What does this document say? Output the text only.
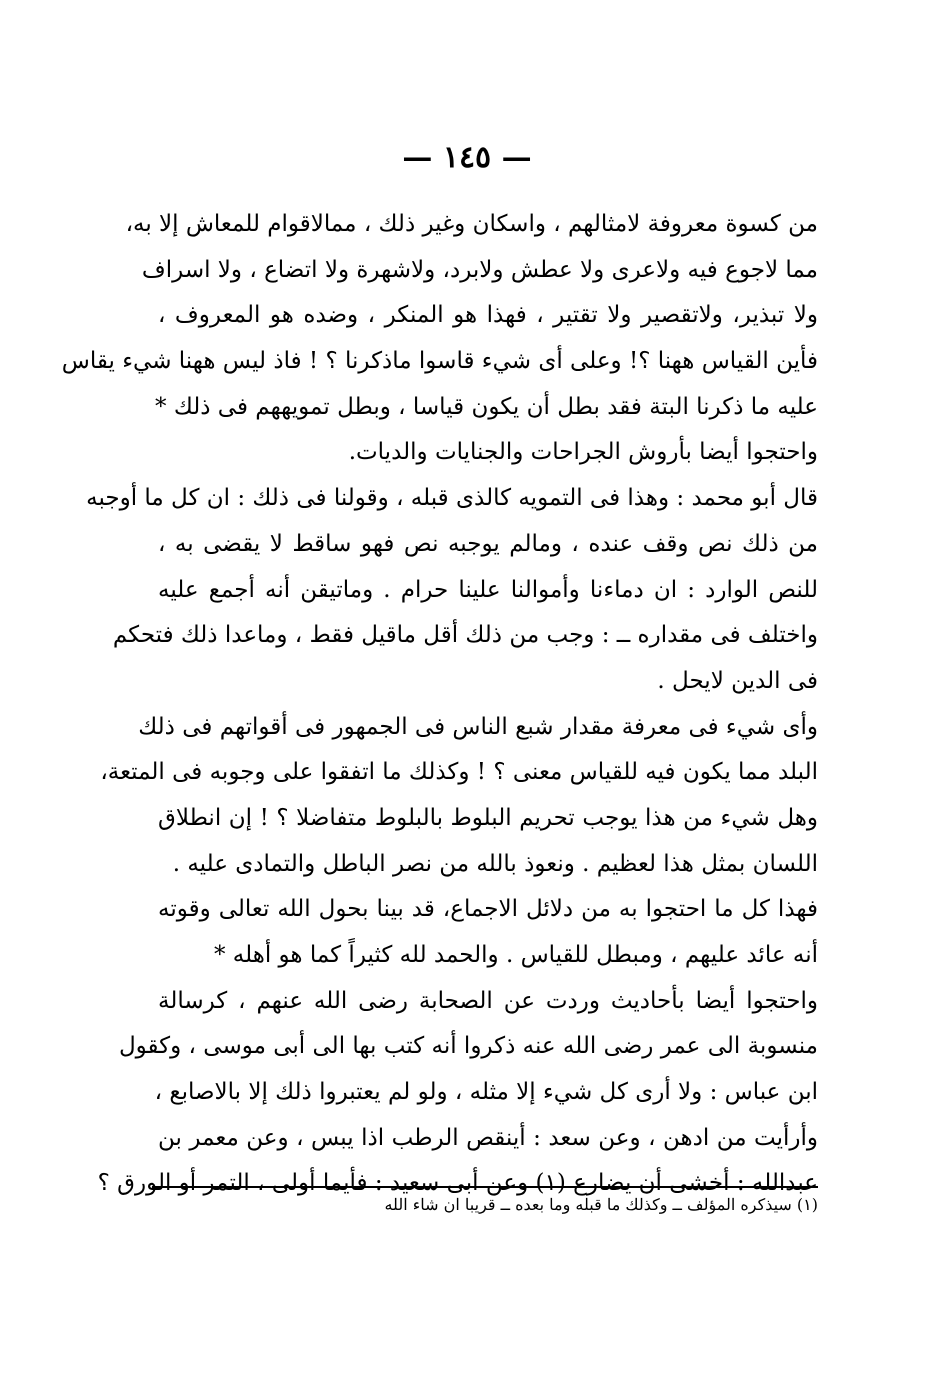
— ١٤٥ —
من كسوة معروفة لامثالهم ، واسكان وغير ذلك ، ممالاقوام للمعاش إلا به،
مما لاجوع فيه ولاعرى ولا عطش ولابرد، ولاشهرة ولا اتضاع ، ولا اسراف
ولا تبذير، ولاتقصير ولا تقتير ، فهذا هو المنكر ، وضده هو المعروف ،
فأين القياس ههنا ؟! وعلى أى شيء قاسوا ماذكرنا ؟ ! فاذ ليس ههنا شيء يقاس
عليه ما ذكرنا البتة فقد بطل أن يكون قياسا ، وبطل تمويههم فى ذلك *
واحتجوا أيضا بأروش الجراحات والجنايات والديات.
قال أبو محمد : وهذا فى التمويه كالذى قبله ، وقولنا فى ذلك : ان كل ما أوجبه
من ذلك نص وقف عنده ، ومالم يوجبه نص فهو ساقط لا يقضى به ،
للنص الوارد : ان دماءنا وأموالنا علينا حرام . وماتيقن أنه أجمع عليه
واختلف فى مقداره ــ : وجب من ذلك أقل ماقيل فقط ، وماعدا ذلك فتحكم
فى الدين لايحل .
وأى شيء فى معرفة مقدار شبع الناس فى الجمهور فى أقواتهم فى ذلك
البلد مما يكون فيه للقياس معنى ؟ ! وكذلك ما اتفقوا على وجوبه فى المتعة،
وهل شيء من هذا يوجب تحريم البلوط بالبلوط متفاضلا ؟ ! إن انطلاق
اللسان بمثل هذا لعظيم . ونعوذ بالله من نصر الباطل والتمادى عليه .
فهذا كل ما احتجوا به من دلائل الاجماع، قد بينا بحول الله تعالى وقوته
أنه عائد عليهم ، ومبطل للقياس . والحمد لله كثيراً كما هو أهله *
واحتجوا أيضا بأحاديث وردت عن الصحابة رضى الله عنهم ، كرسالة
منسوبة الى عمر رضى الله عنه ذكروا أنه كتب بها الى أبى موسى ، وكقول
ابن عباس : ولا أرى كل شيء إلا مثله ، ولو لم يعتبروا ذلك إلا بالاصابع ،
وأرأيت من ادهن ، وعن سعد : أينقص الرطب اذا يبس ، وعن معمر بن
عبدالله : أخشى أن يضارع (١) وعن أبى سعيد : فأيما أولى ، التمر أو الورق ؟
(١) سيذكره المؤلف ــ وكذلك ما قبله وما بعده ــ قريبا ان شاء الله
